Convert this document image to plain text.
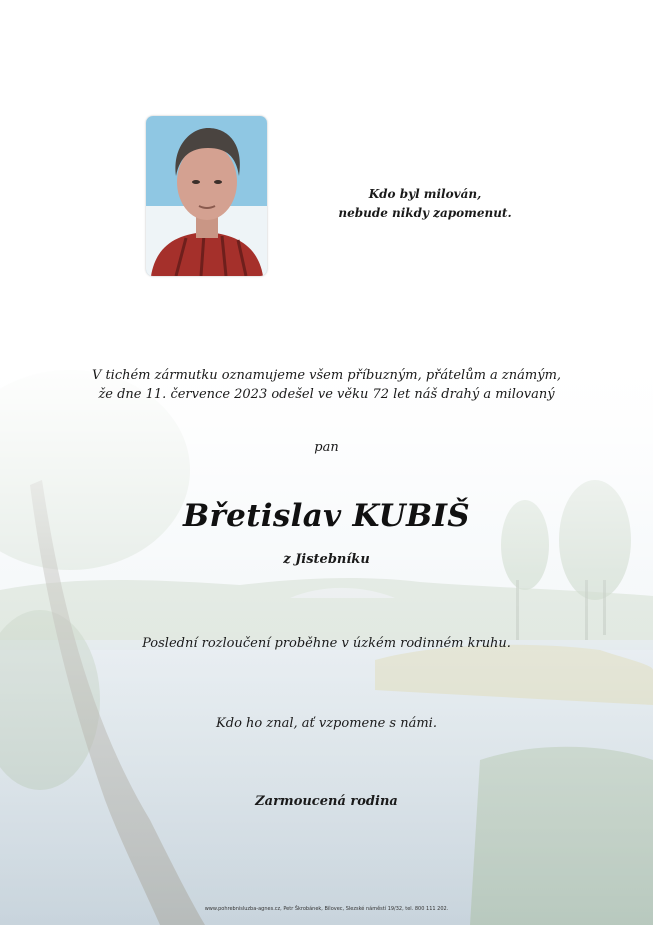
Kdo byl milován,
nebude nikdy zapomenut.
V tichém zármutku oznamujeme všem příbuzným, přátelům a známým,
že dne 11. července 2023 odešel ve věku 72 let náš drahý a milovaný
pan
Břetislav KUBIŠ
z Jistebníku
Poslední rozloučení proběhne v úzkém rodinném kruhu.
Kdo ho znal, ať vzpomene s námi.
Zarmoucená rodina
www.pohrebnisluzba-agnes.cz, Petr Škrobánek, Bílovec, Slezské náměstí 19/32, tel. 800 111 202.
